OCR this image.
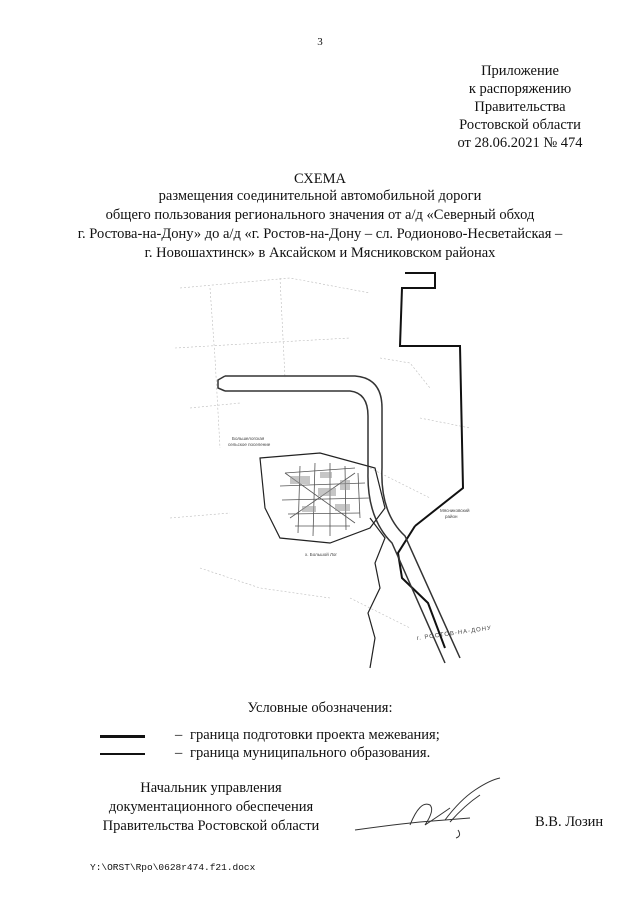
3
Приложение
к распоряжению
Правительства
Ростовской области
от 28.06.2021 № 474
СХЕМА
размещения соединительной автомобильной дороги
общего пользования регионального значения от а/д «Северный обход
г. Ростова-на-Дону» до а/д «г. Ростов-на-Дону – сл. Родионово-Несветайская –
г. Новошахтинск» в Аксайском и Мясниковском районах
Большелогская
сельское поселение
х. Большой Лог
Мясниковский
район
г. РОСТОВ-НА-ДОНУ
Условные обозначения:
– граница подготовки проекта межевания;
– граница муниципального образования.
Начальник управления
документационного обеспечения
Правительства Ростовской области	В.В. Лозин
Y:\ORST\Rpo\0628r474.f21.docx
